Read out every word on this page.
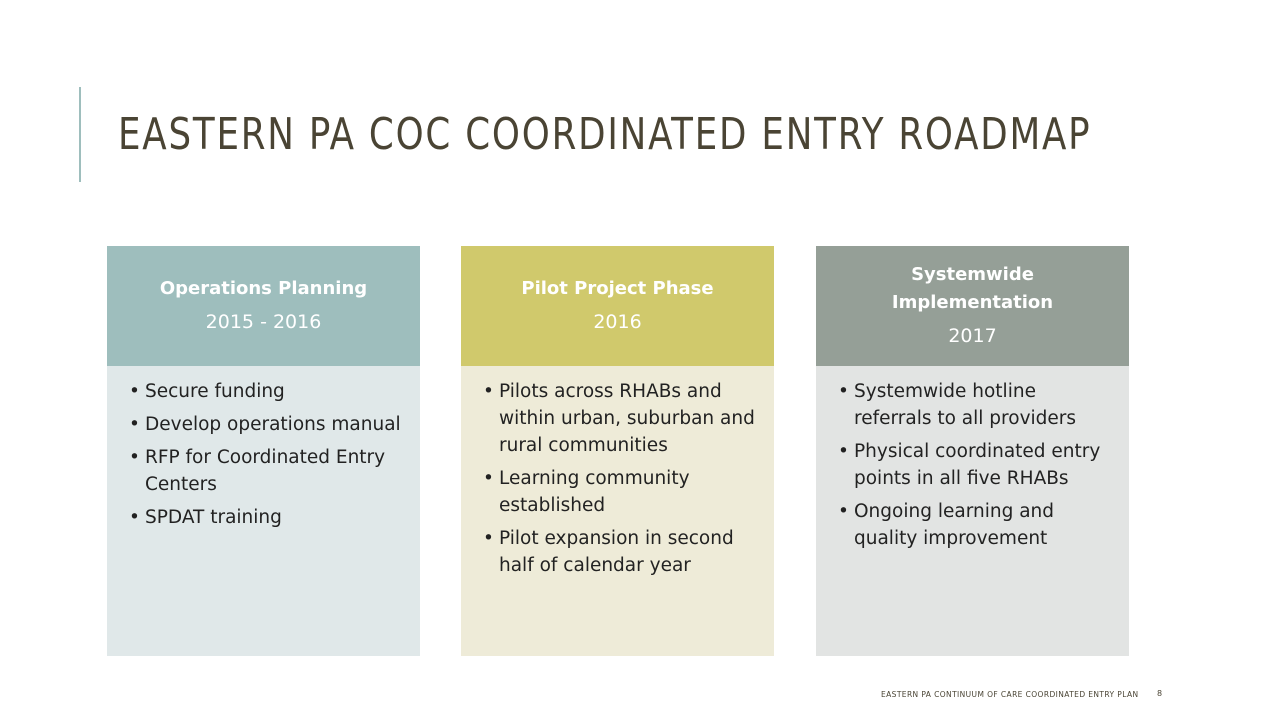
EASTERN PA COC COORDINATED ENTRY ROADMAP
Operations Planning
2015 - 2016
• Secure funding
• Develop operations manual
• RFP for Coordinated Entry Centers
• SPDAT training
Pilot Project Phase
2016
• Pilots across RHABs and within urban, suburban and rural communities
• Learning community established
• Pilot expansion in second half of calendar year
Systemwide Implementation
2017
• Systemwide hotline referrals to all providers
• Physical coordinated entry points in all five RHABs
• Ongoing learning and quality improvement
EASTERN PA CONTINUUM OF CARE COORDINATED ENTRY PLAN 8
